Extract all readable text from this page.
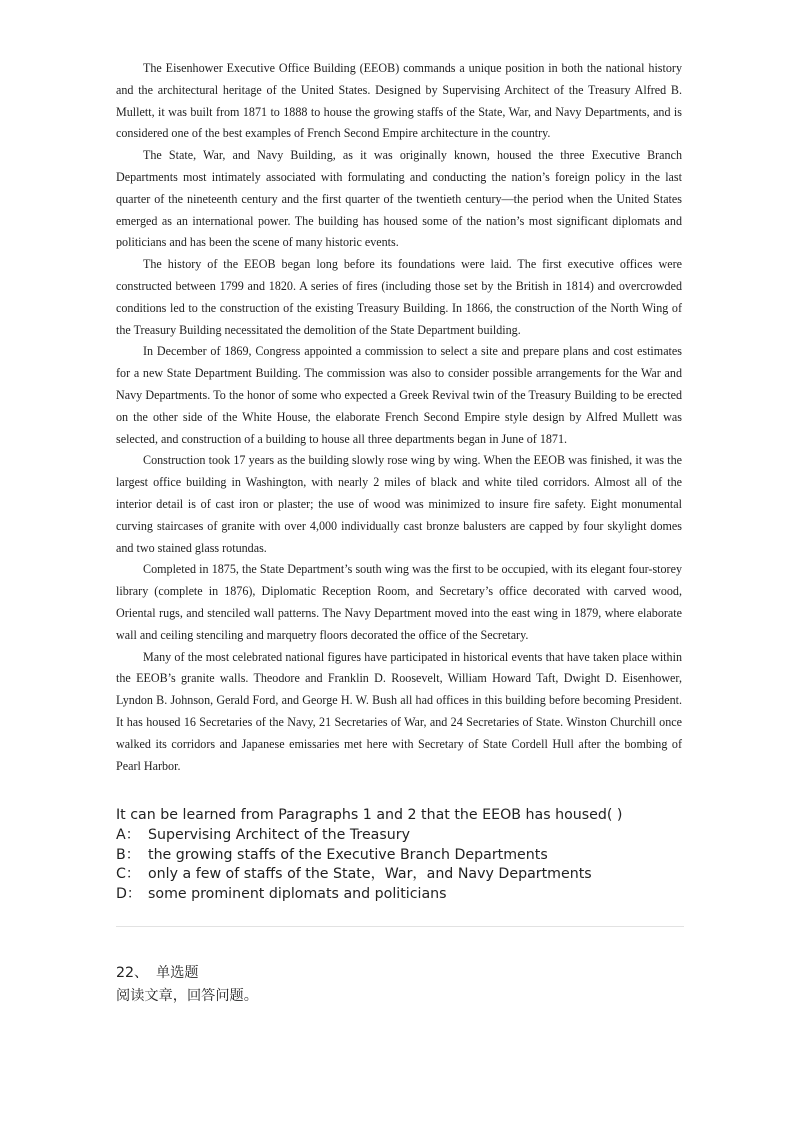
The Eisenhower Executive Office Building (EEOB) commands a unique position in both the national history and the architectural heritage of the United States. Designed by Supervising Architect of the Treasury Alfred B. Mullett, it was built from 1871 to 1888 to house the growing staffs of the State, War, and Navy Departments, and is considered one of the best examples of French Second Empire architecture in the country.

The State, War, and Navy Building, as it was originally known, housed the three Executive Branch Departments most intimately associated with formulating and conducting the nation’s foreign policy in the last quarter of the nineteenth century and the first quarter of the twentieth century—the period when the United States emerged as an international power. The building has housed some of the nation’s most significant diplomats and politicians and has been the scene of many historic events.

The history of the EEOB began long before its foundations were laid. The first executive offices were constructed between 1799 and 1820. A series of fires (including those set by the British in 1814) and overcrowded conditions led to the construction of the existing Treasury Building. In 1866, the construction of the North Wing of the Treasury Building necessitated the demolition of the State Department building.

In December of 1869, Congress appointed a commission to select a site and prepare plans and cost estimates for a new State Department Building. The commission was also to consider possible arrangements for the War and Navy Departments. To the honor of some who expected a Greek Revival twin of the Treasury Building to be erected on the other side of the White House, the elaborate French Second Empire style design by Alfred Mullett was selected, and construction of a building to house all three departments began in June of 1871.

Construction took 17 years as the building slowly rose wing by wing. When the EEOB was finished, it was the largest office building in Washington, with nearly 2 miles of black and white tiled corridors. Almost all of the interior detail is of cast iron or plaster; the use of wood was minimized to insure fire safety. Eight monumental curving staircases of granite with over 4,000 individually cast bronze balusters are capped by four skylight domes and two stained glass rotundas.

Completed in 1875, the State Department’s south wing was the first to be occupied, with its elegant four-storey library (complete in 1876), Diplomatic Reception Room, and Secretary’s office decorated with carved wood, Oriental rugs, and stenciled wall patterns. The Navy Department moved into the east wing in 1879, where elaborate wall and ceiling stenciling and marquetry floors decorated the office of the Secretary.

Many of the most celebrated national figures have participated in historical events that have taken place within the EEOB’s granite walls. Theodore and Franklin D. Roosevelt, William Howard Taft, Dwight D. Eisenhower, Lyndon B. Johnson, Gerald Ford, and George H. W. Bush all had offices in this building before becoming President. It has housed 16 Secretaries of the Navy, 21 Secretaries of War, and 24 Secretaries of State. Winston Churchill once walked its corridors and Japanese emissaries met here with Secretary of State Cordell Hull after the bombing of Pearl Harbor.

It can be learned from Paragraphs 1 and 2 that the EEOB has housed( )

A： Supervising Architect of the Treasury
B： the growing staffs of the Executive Branch Departments
C： only a few of staffs of the State，War，and Navy Departments
D： some prominent diplomats and politicians
22、 单选题
阅读文章，回答问题。
